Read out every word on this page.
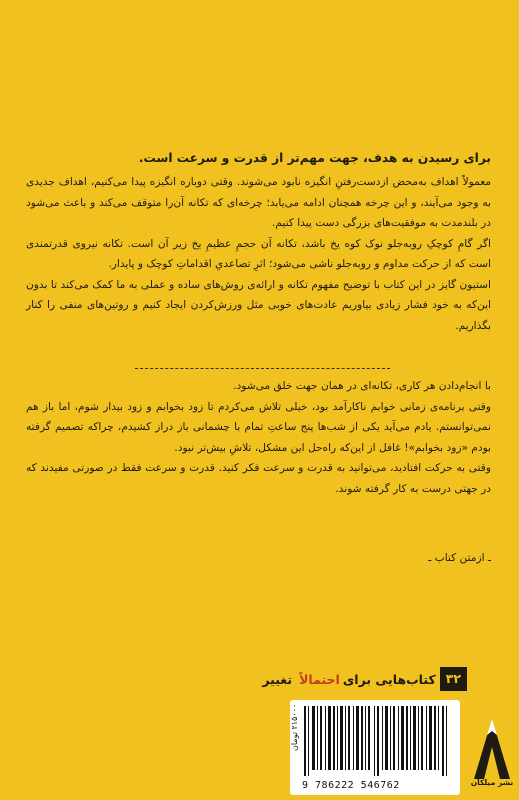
برای رسیدن به هدف، جهت مهم‌تر از قدرت و سرعت است.

معمولاً اهداف به‌محض ازدست‌رفتنِ انگیزه نابود می‌شوند. وقتی دوباره انگیزه پیدا می‌کنیم، اهداف جدیدی به وجود می‌آیند، و این چرخه همچنان ادامه می‌یابد؛ چرخه‌ای که تکانه آن‌را متوقف می‌کند و باعث می‌شود در بلندمدت به موفقیت‌های بزرگی دست پیدا کنیم.

اگر گامِ کوچکِ روبه‌جلو نوک کوه یخ باشد، تکانه آن حجمِ عظیمِ یخ زیر آن است. تکانه نیروی قدرتمندی است که از حرکت مداوم و روبه‌جلو ناشی می‌شود؛ اثرِ تصاعدیِ اقداماتِ کوچک و پایدار.

استیون گایز در این کتاب با توضیح مفهوم تکانه و ارائه‌ی روش‌های ساده و عملی به ما کمک می‌کند تا بدون این‌که به خود فشار زیادی بیاوریم عادت‌های خوبی مثل ورزش‌کردن ایجاد کنیم و روتین‌های منفی را کنار بگذاریم.

با انجام‌دادن هر کاری، تکانه‌ای در همان جهت خلق می‌شود.

وقتی برنامه‌ی زمانی خوابم ناکارآمد بود، خیلی تلاش می‌کردم تا زود بخوابم و زود بیدار شوم، اما باز هم نمی‌توانستم. یادم می‌آید یکی از شب‌ها پنج ساعتِ تمام با چشمانی باز دراز کشیدم، چراکه تصمیم گرفته بودم «زود بخوابم»! غافل از این‌که راه‌حل این مشکل، تلاشِ بیش‌تر نبود.

وقتی به حرکت افتادید، می‌توانید به قدرت و سرعت فکر کنید. قدرت و سرعت فقط در صورتی مفیدند که در جهتی درست به کار گرفته شوند.

ـ ازمتن کتاب ـ
۳۲
کتاب‌هایی برای
احتمالاً
تغییر
۲۱۵۰۰۰ تومان
9 786222 546762	نشر میلکان
